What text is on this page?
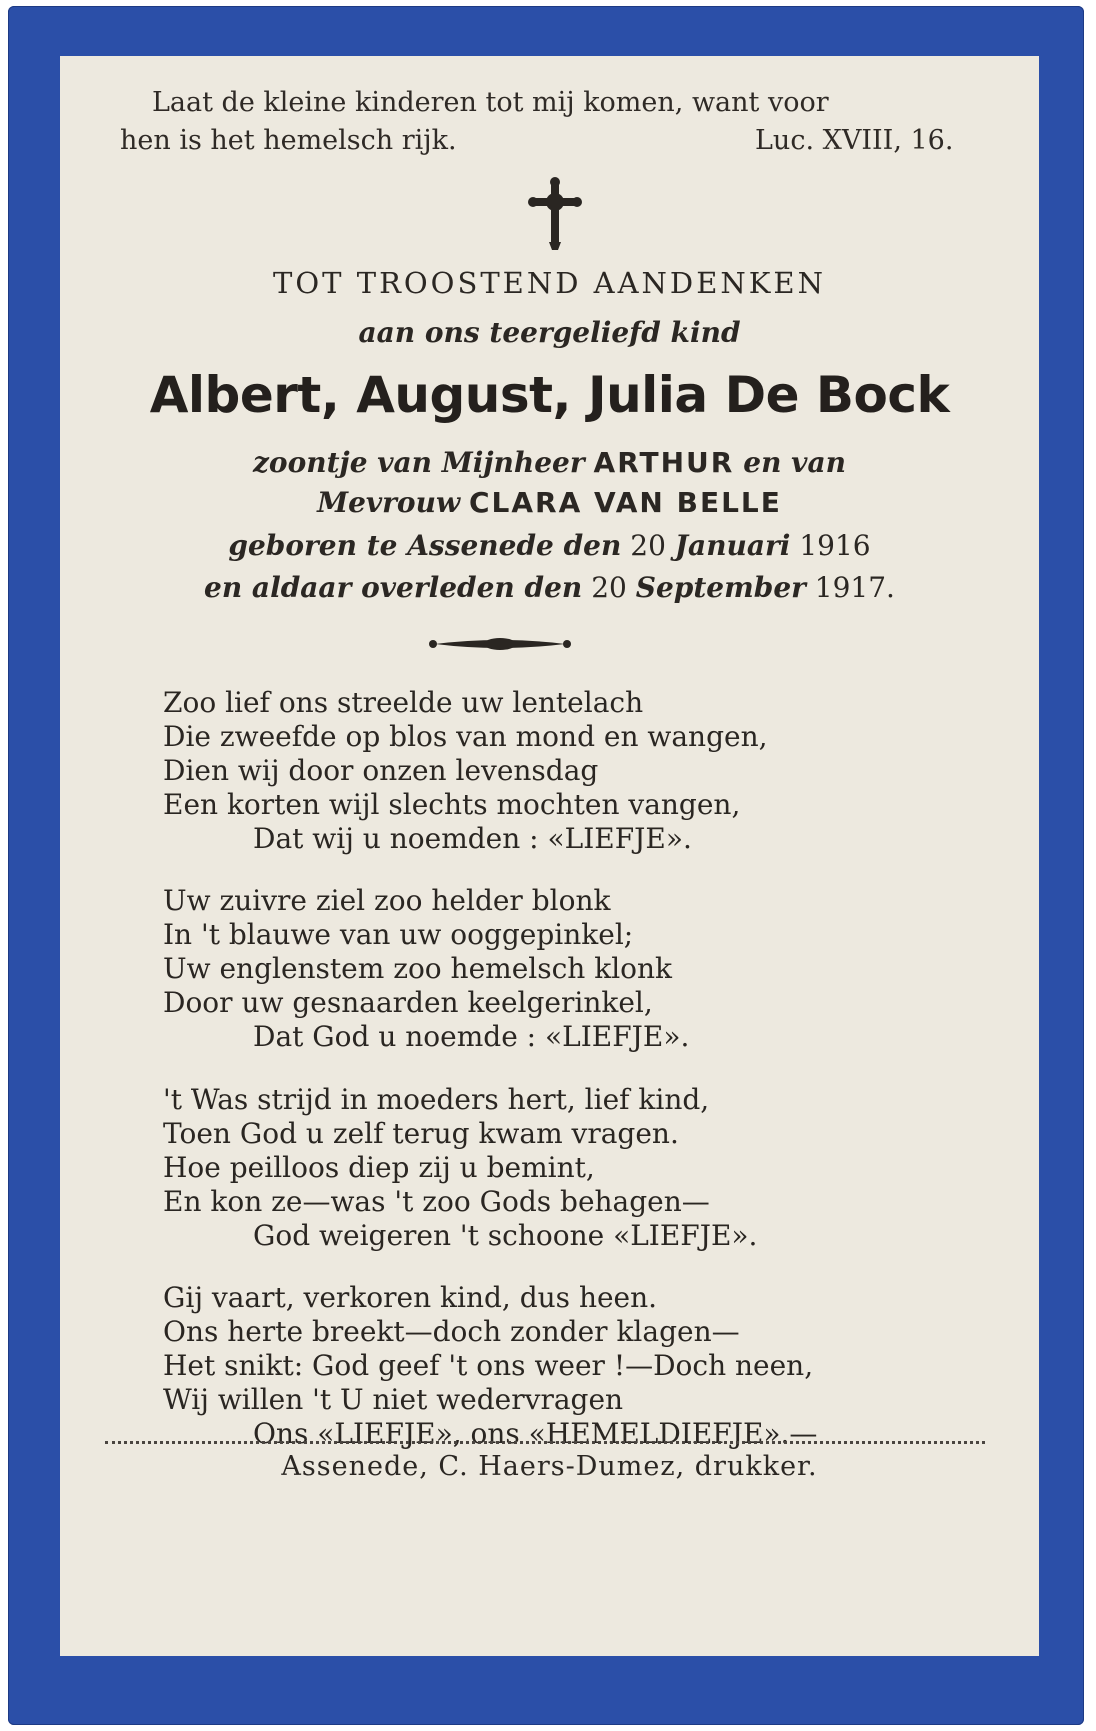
Laat de kleine kinderen tot mij komen, want voor
hen is het hemelsch rijk.	Luc. XVIII, 16.
TOT TROOSTEND AANDENKEN
aan ons teergeliefd kind
Albert, August, Julia De Bock
zoontje van Mijnheer ARTHUR en van
Mevrouw CLARA VAN BELLE
geboren te Assenede den 20 Januari 1916
en aldaar overleden den 20 September 1917.
Zoo lief ons streelde uw lentelach
Die zweefde op blos van mond en wangen,
Dien wij door onzen levensdag
Een korten wijl slechts mochten vangen,
Dat wij u noemden : «LIEFJE».
Uw zuivre ziel zoo helder blonk
In 't blauwe van uw ooggepinkel;
Uw englenstem zoo hemelsch klonk
Door uw gesnaarden keelgerinkel,
Dat God u noemde : «LIEFJE».
't Was strijd in moeders hert, lief kind,
Toen God u zelf terug kwam vragen.
Hoe peilloos diep zij u bemint,
En kon ze—was 't zoo Gods behagen—
God weigeren 't schoone «LIEFJE».
Gij vaart, verkoren kind, dus heen.
Ons herte breekt—doch zonder klagen—
Het snikt: God geef 't ons weer !—Doch neen,
Wij willen 't U niet wedervragen
Ons «LIEFJE», ons «HEMELDIEFJE».—
Assenede, C. Haers-Dumez, drukker.
